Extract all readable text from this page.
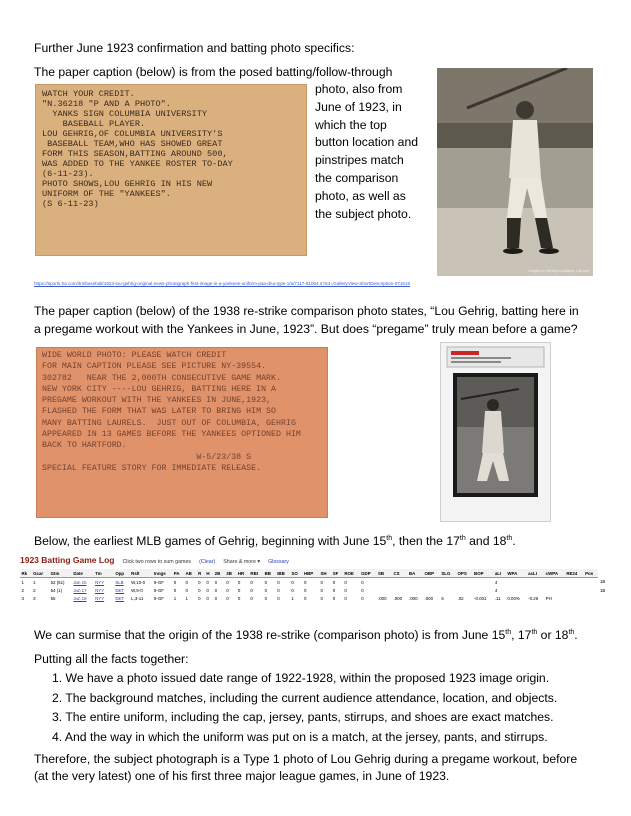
Further June 1923 confirmation and batting photo specifics:
The paper caption (below) is from the posed batting/follow-through
photo, also from
June of 1923, in
which the top
button location and
pinstripes match
the comparison
photo, as well as
the subject photo.
WATCH YOUR CREDIT.
"N.36218 "P AND A PHOTO".
YANKS SIGN COLUMBIA UNIVERSITY
BASEBALL PLAYER.
LOU GEHRIG,OF COLUMBIA UNIVERSITY'S
BASEBALL TEAM,WHO HAS SHOWED GREAT
FORM THIS SEASON,BATTING AROUND 500,
WAS ADDED TO THE YANKEE ROSTER TO-DAY
(6-11-23).
PHOTO SHOWS,LOU GEHRIG IN HIS NEW
UNIFORM OF THE "YANKEES".
(S 6-11-23)
Images by Heritage Auctions, HA.com
https://sports.ha.com/itm/baseball/1923-lou-gehrig-original-news-photograph-first-image-in-a-yankees-uniform-psa-dna-type-1/a/7117-81004.s?ic4=GalleryView-ShortDescription-071515
The paper caption (below) of the 1938 re-strike comparison photo states, “Lou Gehrig, batting here in
a pregame workout with the Yankees in June, 1923”. But does “pregame” truly mean before a game?
WIDE WORLD PHOTO: PLEASE WATCH CREDIT
FOR MAIN CAPTION PLEASE SEE PICTURE NY-39554.
302782   NEAR THE 2,000TH CONSECUTIVE GAME MARK.
NEW YORK CITY ----LOU GEHRIG, BATTING HERE IN A
PREGAME WORKOUT WITH THE YANKEES IN JUNE,1923,
FLASHED THE FORM THAT WAS LATER TO BRING HIM SO
MANY BATTING LAURELS.  JUST OUT OF COLUMBIA, GEHRIG
APPEARED IN 13 GAMES BEFORE THE YANKEES OPTIONED HIM
BACK TO HARTFORD.
W-5/23/38 S
SPECIAL FEATURE STORY FOR IMMEDIATE RELEASE.
Below, the earliest MLB games of Gehrig, beginning with June 15th, then the 17th and 18th.
1923 Batting Game Log Click two rows to sum games (Clear) Share & more ▾ Glossary
Rk	Gcar	Gtm	Date	Tm		Opp	Rslt	Inngs	PA	AB	R	H	2B	3B	HR	RBI	BB	IBB	SO	HBP	SH	SF	ROE	GDP	SB	CS	BA	OBP	SLG	OPS	BOP	aLI	WPA	acLI	cWPA	RE24	Pos	
1	1	52 (51)	Jun 15	NYY		SLB	W,10-0	9-GF	0	0	0	0	0	0	0	0	0	0	0	0	0	0	0	0								4						1B
2	2	54 (1)	Jun 17	NYY		DET	W,9-0	9-GF	0	0	0	0	0	0	0	0	0	0	0	0	0	0	0	0								4						1B
3	3	55	Jun 18	NYY		DET	L,3-11	9-GF	1	1	0	0	0	0	0	0	0	0	1	0	0	0	0	0	.000	.000	.000	.000	6	.02	-0.001	.11	0.00%	-0.26	PH			
We can surmise that the origin of the 1938 re-strike (comparison photo) is from June 15th, 17th or 18th.
Putting all the facts together:
1. We have a photo issued date range of 1922-1928, within the proposed 1923 image origin.
2. The background matches, including the current audience attendance, location, and objects.
3. The entire uniform, including the cap, jersey, pants, stirrups, and shoes are exact matches.
4. And the way in which the uniform was put on is a match, at the jersey, pants, and stirrups.
Therefore, the subject photograph is a Type 1 photo of Lou Gehrig during a pregame workout, before
(at the very latest) one of his first three major league games, in June of 1923.
